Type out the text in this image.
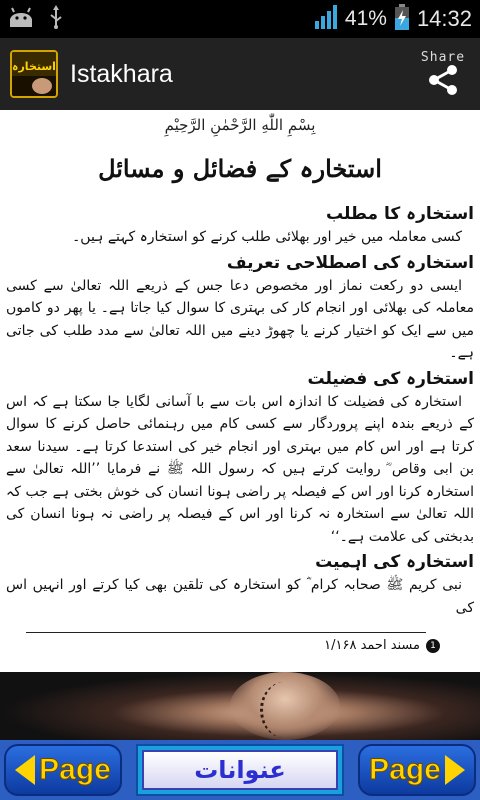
41% 14:32
استخارہ Istakhara
Share
بِسْمِ اللّٰهِ الرَّحْمٰنِ الرَّحِيْمِ
استخارہ کے فضائل و مسائل
استخارہ کا مطلب
کسی معاملہ میں خیر اور بھلائی طلب کرنے کو استخارہ کہتے ہیں۔
استخارہ کی اصطلاحی تعریف
ایسی دو رکعت نماز اور مخصوص دعا جس کے ذریعے اللہ تعالیٰ سے کسی معاملہ کی بھلائی اور انجام کار کی بہتری کا سوال کیا جاتا ہے۔ یا پھر دو کاموں میں سے ایک کو اختیار کرنے یا چھوڑ دینے میں اللہ تعالیٰ سے مدد طلب کی جاتی ہے۔
استخارہ کی فضیلت
استخارہ کی فضیلت کا اندازہ اس بات سے با آسانی لگایا جا سکتا ہے کہ اس کے ذریعے بندہ اپنے پروردگار سے کسی کام میں رہنمائی حاصل کرنے کا سوال کرتا ہے اور اس کام میں بہتری اور انجام خیر کی استدعا کرتا ہے۔ سیدنا سعد بن ابی وقاص ؓ روایت کرتے ہیں کہ رسول اللہ ﷺ نے فرمایا ’’اللہ تعالیٰ سے استخارہ کرنا اور اس کے فیصلہ پر راضی ہونا انسان کی خوش بختی ہے جب کہ اللہ تعالیٰ سے استخارہ نہ کرنا اور اس کے فیصلہ پر راضی نہ ہونا انسان کی بدبختی کی علامت ہے۔‘‘
استخارہ کی اہمیت
نبی کریم ﷺ صحابہ کرام ؓ کو استخارہ کی تلقین بھی کیا کرتے اور انہیں اس کی
1
مسند احمد ۱/۱۶۸
Page	عنوانات	Page
